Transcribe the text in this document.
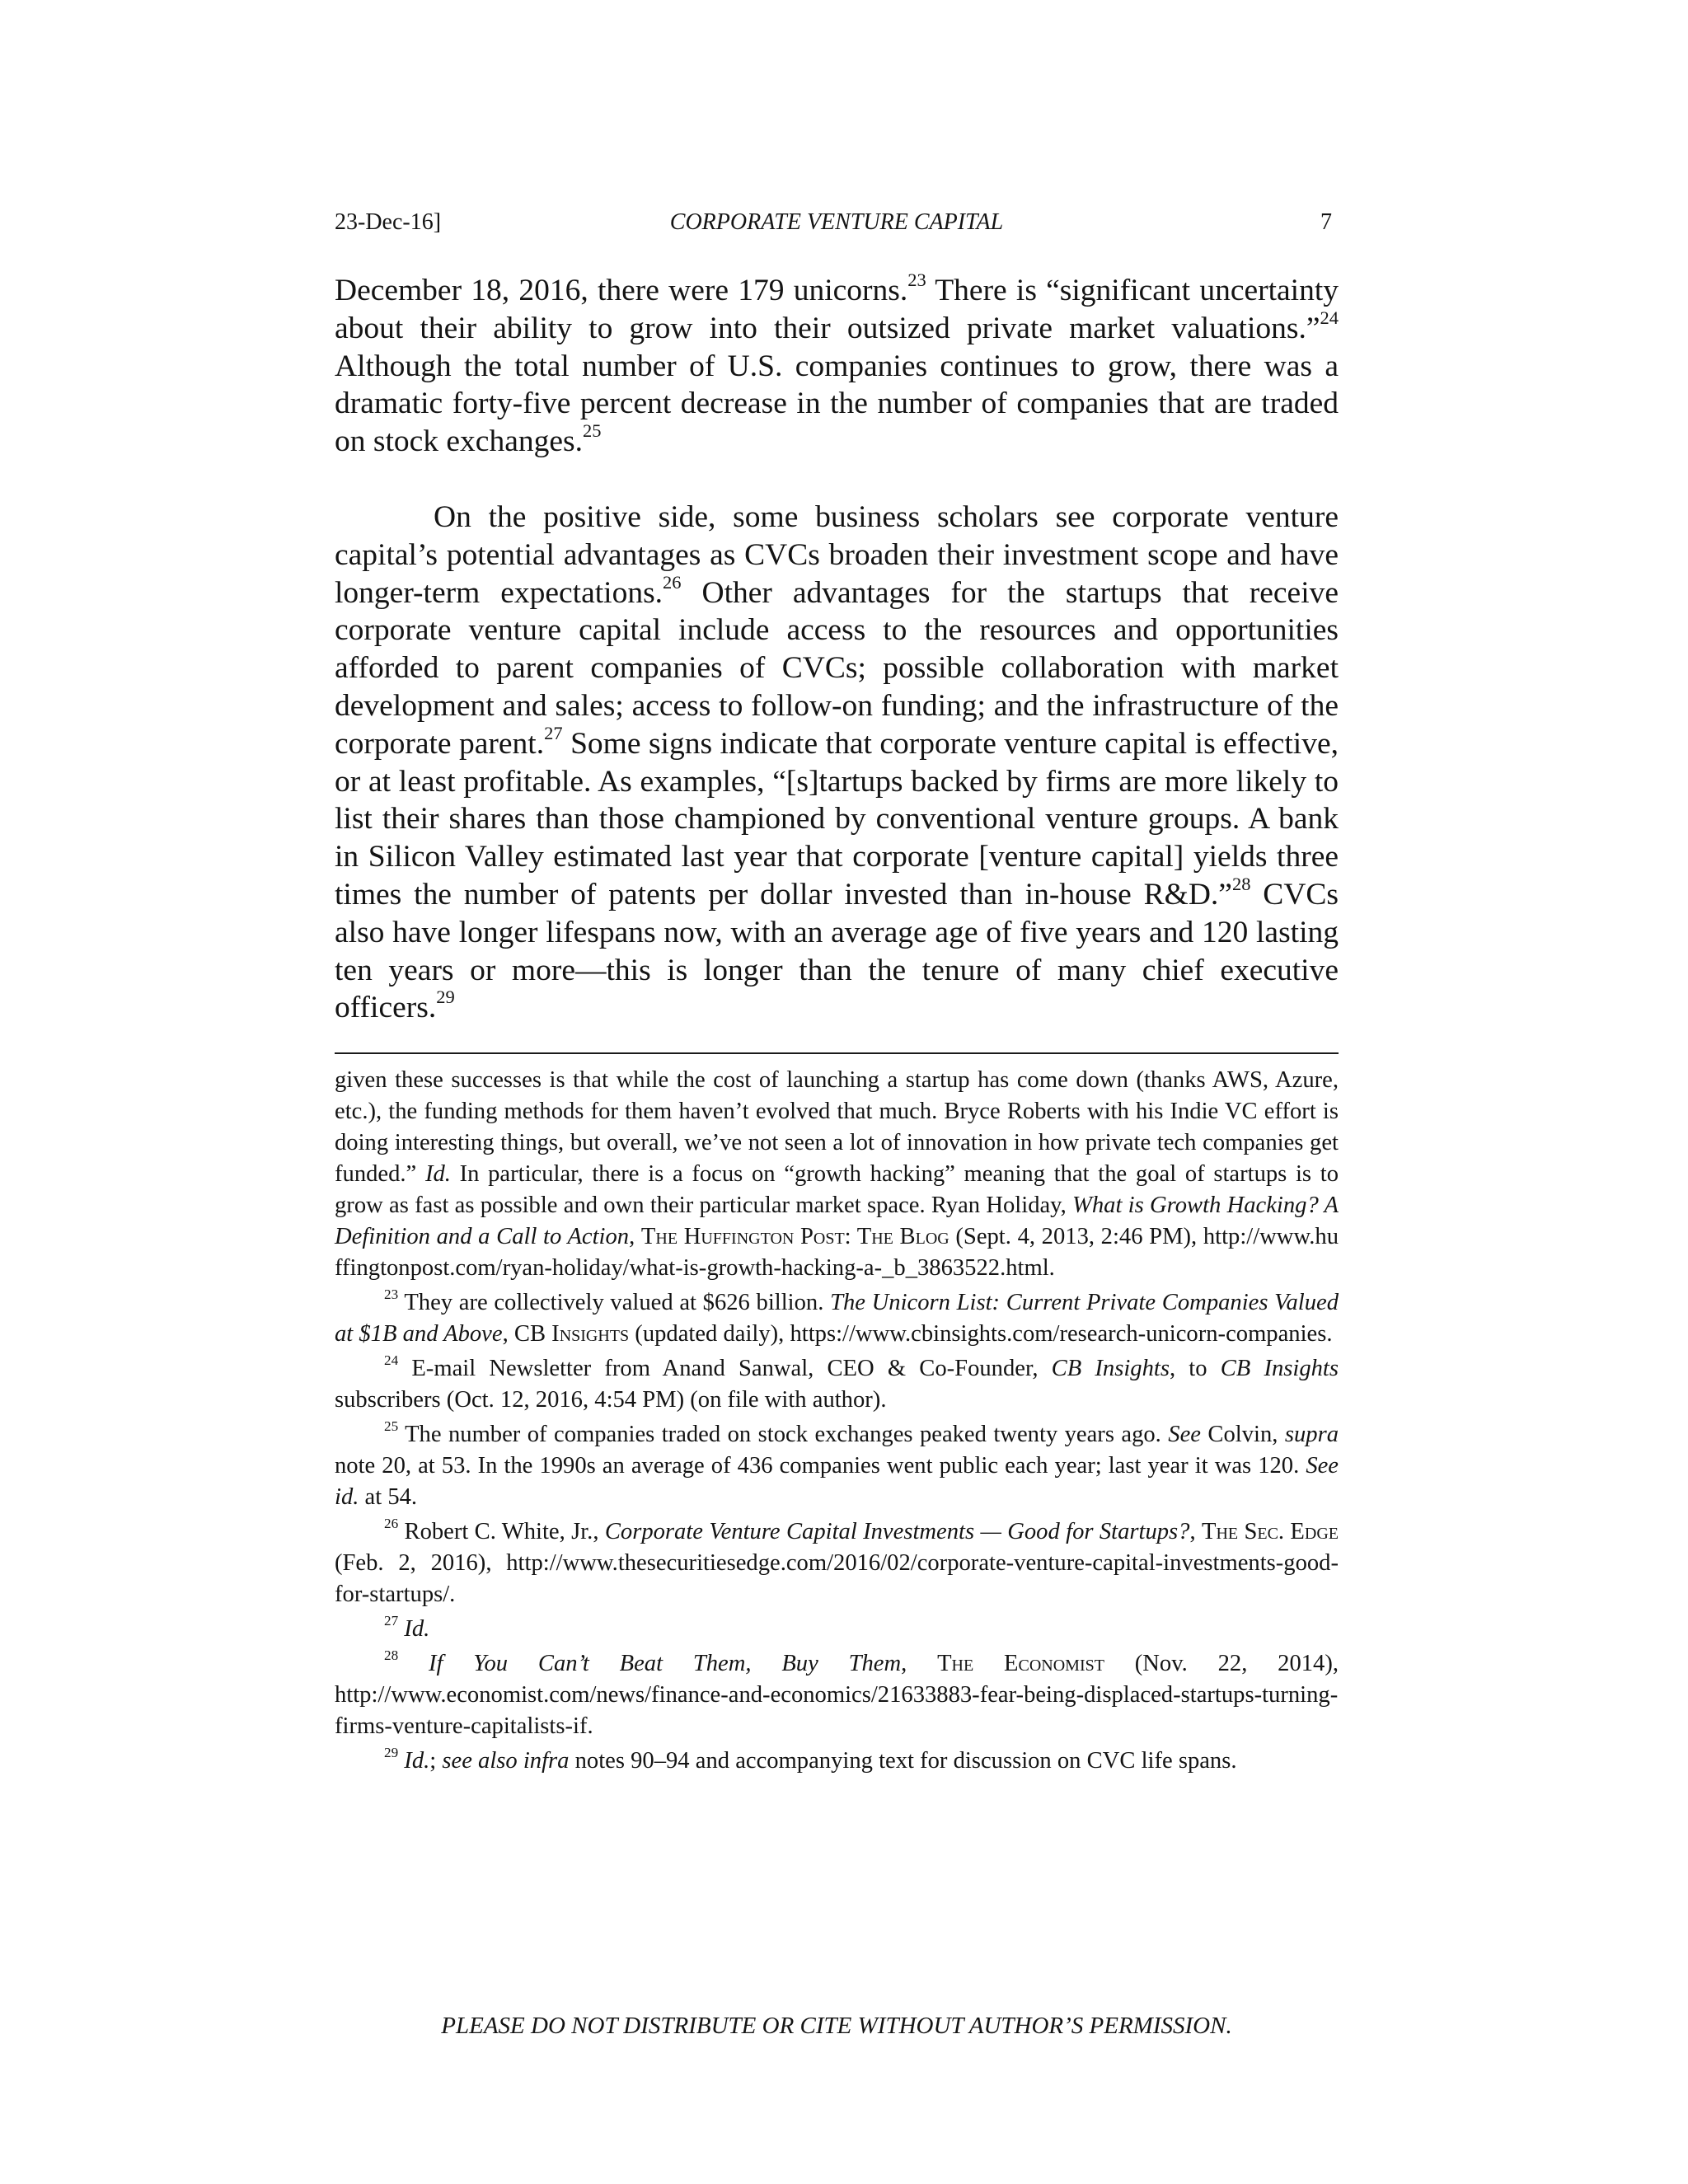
23-Dec-16]	CORPORATE VENTURE CAPITAL	7

December 18, 2016, there were 179 unicorns.$^{23}$ There is “significant uncertainty about their ability to grow into their outsized private market valuations.”$^{24}$ Although the total number of U.S. companies continues to grow, there was a dramatic forty-five percent decrease in the number of companies that are traded on stock exchanges.$^{25}$

On the positive side, some business scholars see corporate venture capital’s potential advantages as CVCs broaden their investment scope and have longer-term expectations.$^{26}$ Other advantages for the startups that receive corporate venture capital include access to the resources and opportunities afforded to parent companies of CVCs; possible collaboration with market development and sales; access to follow-on funding; and the infrastructure of the corporate parent.$^{27}$ Some signs indicate that corporate venture capital is effective, or at least profitable. As examples, “[s]tartups backed by firms are more likely to list their shares than those championed by conventional venture groups. A bank in Silicon Valley estimated last year that corporate [venture capital] yields three times the number of patents per dollar invested than in-house R&D.”$^{28}$ CVCs also have longer lifespans now, with an average age of five years and 120 lasting ten years or more—this is longer than the tenure of many chief executive officers.$^{29}$

given these successes is that while the cost of launching a startup has come down (thanks AWS, Azure, etc.), the funding methods for them haven’t evolved that much. Bryce Roberts with his Indie VC effort is doing interesting things, but overall, we’ve not seen a lot of innovation in how private tech companies get funded.” Id. In particular, there is a focus on “growth hacking” meaning that the goal of startups is to grow as fast as possible and own their particular market space. Ryan Holiday, What is Growth Hacking? A Definition and a Call to Action, The Huffington Post: The Blog (Sept. 4, 2013, 2:46 PM), http://www.huffingtonpost.com/ryan-holiday/what-is-growth-hacking-a-_b_3863522.html.

$^{23}$ They are collectively valued at $626 billion. The Unicorn List: Current Private Companies Valued at $1B and Above, CB Insights (updated daily), https://www.cbinsights.com/research-unicorn-companies.

$^{24}$ E-mail Newsletter from Anand Sanwal, CEO & Co-Founder, CB Insights, to CB Insights subscribers (Oct. 12, 2016, 4:54 PM) (on file with author).

$^{25}$ The number of companies traded on stock exchanges peaked twenty years ago. See Colvin, supra note 20, at 53. In the 1990s an average of 436 companies went public each year; last year it was 120. See id. at 54.

$^{26}$ Robert C. White, Jr., Corporate Venture Capital Investments — Good for Startups?, The Sec. Edge (Feb. 2, 2016), http://www.thesecuritiesedge.com/2016/02/corporate-venture-capital-investments-good-for-startups/.

$^{27}$ Id.

$^{28}$ If You Can’t Beat Them, Buy Them, The Economist (Nov. 22, 2014), http://www.economist.com/news/finance-and-economics/21633883-fear-being-displaced-startups-turning-firms-venture-capitalists-if.

$^{29}$ Id.; see also infra notes 90–94 and accompanying text for discussion on CVC life spans.

PLEASE DO NOT DISTRIBUTE OR CITE WITHOUT AUTHOR’S PERMISSION.
